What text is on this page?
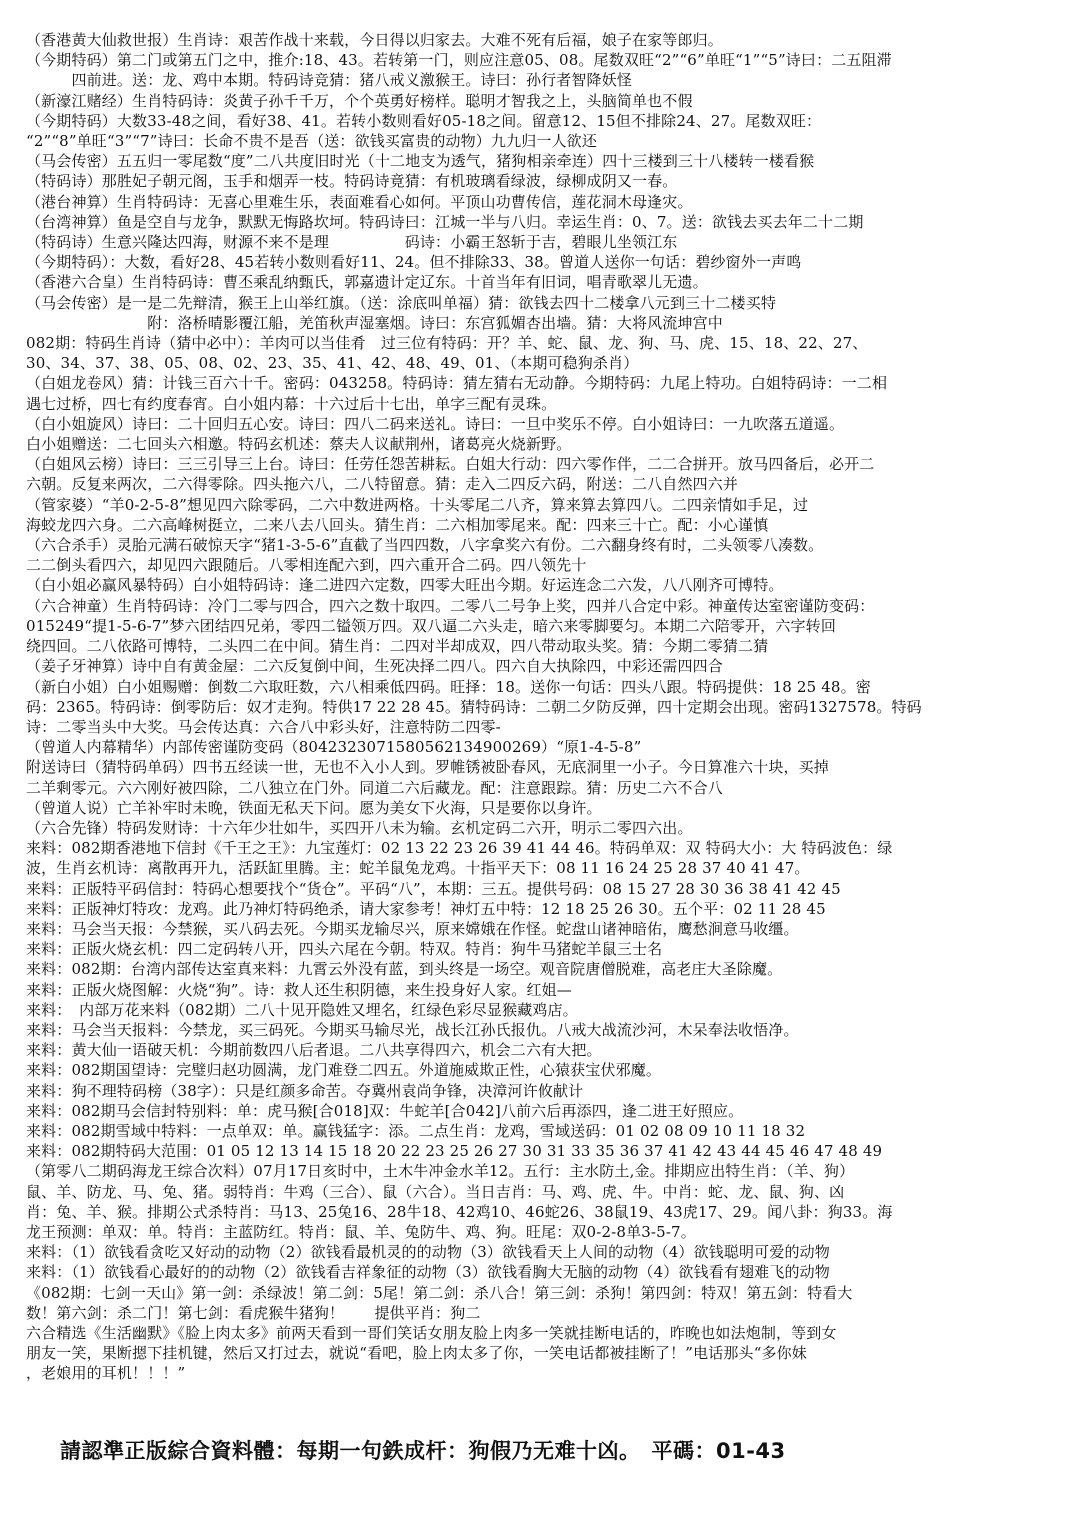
（香港黄大仙救世报）生肖诗：艰苦作战十来载，今日得以归家去。大难不死有后福，娘子在家等郎归。
（今期特码）第二门或第五门之中，推介:18、43。若转第一门，则应注意05、08。尾数双旺“2”“6”单旺“1”“5”诗曰：二五阻滞
　　　四前进。送：龙、鸡中本期。特码诗竞猜：猪八戒义激猴王。诗曰：孙行者智降妖怪
（新濠江赌经）生肖特码诗：炎黄子孙千千万，个个英勇好榜样。聪明才智我之上，头脑简单也不假
（今期特码）大数33-48之间，看好38、41。若转小数则看好05-18之间。留意12、15但不排除24、27。尾数双旺：
“2”“8”单旺“3”“7”诗曰：长命不贵不是吾（送：欲钱买富贵的动物）九九归一人欲还
（马会传密）五五归一零尾数“度”二八共度旧时光（十二地支为透气，猪狗相亲牵连）四十三楼到三十八楼转一楼看猴
（特码诗）那胜妃子朝元阁，玉手和烟弄一枝。特码诗竟猜：有机玻璃看绿波，绿柳成阴又一春。
（港台神算）生肖特码诗：无喜心里难生乐，表面难看心如何。平顶山功曹传信，莲花洞木母逢灾。
（台湾神算）鱼是空自与龙争，默默无悔路坎坷。特码诗曰：江城一半与八归。幸运生肖：0、7。送：欲钱去买去年二十二期
（特码诗）生意兴隆达四海，财源不来不是理　　　　　码诗：小霸王怒斩于吉，碧眼儿坐领江东
（今期特码）：大数，看好28、45若转小数则看好11、24。但不排除33、38。曾道人送你一句话：碧纱窗外一声鸣
（香港六合皇）生肖特码诗：曹丕乘乱纳甄氏，郭嘉遗计定辽东。十首当年有旧词，唱青歌翠儿无遗。
（马会传密）是一是二先辩清，猴王上山举红旗。（送：涂底叫单福）猜：欲钱去四十二楼拿八元到三十二楼买特
　　　　　　　　附：洛桥晴影覆江船，羌笛秋声湿塞烟。诗曰：东宫狐媚杏出墙。猜：大将风流坤宫中
082期：特码生肖诗（猜中必中）：羊肉可以当佳肴　过三位有特码：开？羊、蛇、鼠、龙、狗、马、虎、15、18、22、27、
30、34、37、38、05、08、02、23、35、41、42、48、49、01、（本期可稳狗杀肖）
（白姐龙卷风）猜：计钱三百六十千。密码：043258。特码诗：猜左猜右无动静。今期特码：九尾上特功。白姐特码诗：一二相
遇七过桥，四七有约度春宵。白小姐内幕：十六过后十七出，单字三配有灵珠。
（白小姐旋风）诗曰：二十回归五心安。诗曰：四八二码来送礼。诗曰：一旦中奖乐不停。白小姐诗曰：一九吹落五道遥。
白小姐赠送：二七回头六相邀。特码玄机述：蔡夫人议献荆州，诸葛亮火烧新野。
（白姐风云榜）诗曰：三三引导三上台。诗曰：任劳任怨苦耕耘。白姐大行动：四六零作伴，二二合拼开。放马四备后，必开二
六朝。反复来两次，二六得零除。四头拖六八，二八特留意。猜：走入二四反六码，附送：二八自然四六并
（管家婆）“羊0-2-5-8”想见四六除零码，二六中数进两格。十头零尾二八齐，算来算去算四八。二四亲情如手足，过
海蛟龙四六身。二六高峰树挺立，二来八去八回头。猜生肖：二六相加零尾来。配：四来三十亡。配：小心谨慎
（六合杀手）灵胎元满石破惊天字“猪1-3-5-6”直截了当四四数，八字拿奖六有份。二六翻身终有时，二头领零八凑数。
二二倒头看四六，却见四六跟随后。八零相连配六到，四六重开合二码。四八领先十
（白小姐必赢风暴特码）白小姐特码诗：逢二进四六定数，四零大旺出今期。好运连念二六发，八八刚齐可博特。
（六合神童）生肖特码诗：冷门二零与四合，四六之数十取四。二零八二号争上奖，四并八合定中彩。神童传达室密谨防变码：
015249“提1-5-6-7”梦六团结四兄弟，零四二镒领万四。双八逼二六头走，暗六来零脚要匀。本期二六陪零开，六字转回
绕四回。二八依路可博特，二头四二在中间。猜生肖：二四对半却成双，四八带动取头奖。猜：今期二零猜二猜
（姜子牙神算）诗中自有黄金屋：二六反复倒中间，生死决择二四八。四六自大执除四，中彩还需四四合
（新白小姐）白小姐赐赠：倒数二六取旺数，六八相乘低四码。旺择：18。送你一句话：四头八跟。特码提供：18 25 48。密
码：2365。特码诗：倒零防后：奴才走狗。特供17 22 28 45。猜特码诗：二朝二夕防反弹，四十定期会出现。密码1327578。特码
诗：二零当头中大奖。马会传达真：六合八中彩头好，注意特防二四零-
（曾道人内幕精华）内部传密谨防变码（80423230715805621349002​69）“原1-4-5-8”
附送诗曰（猜特码单码）四书五经读一世，无也不入小人到。罗帷锈被卧春风，无底洞里一小子。今日算准六十块，买掉
二羊剩零元。六六刚好被四除，二八独立在门外。同道二六后藏龙。配：注意跟踪。猜：历史二六不合八
（曾道人说）亡羊补牢时未晚，铁面无私天下问。愿为美女下火海，只是要你以身许。
（六合先锋）特码发财诗：十六年少壮如牛，买四开八未为输。玄机定码二六开，明示二零四六出。
来料：082期香港地下信封《千王之王》：九宝莲灯：02 13 22 23 26 39 41 44 46。特码单双：双 特码大小：大 特码波色：绿
波，生肖玄机诗：离散再开九，活跃缸里腾。主：蛇羊鼠兔龙鸡。十指平天下：08 11 16 24 25 28 37 40 41 47。
来料：正版特平码信封：特码心想要找个“货仓”。平码“八”，本期：三五。提供号码：08 15 27 28 30 36 38 41 42 45
来料：正版神灯特攻：龙鸡。此乃神灯特码绝杀，请大家参考！神灯五中特：12 18 25 26 30。五个平：02 11 28 45
来料：马会当天报：今禁猴，买八码去死。今期买龙输尽兴，原来嫦娥在作怪。蛇盘山诸神暗佑，鹰愁涧意马收缰。
来料：正版火烧玄机：四二定码转八开，四头六尾在今朝。特双。特肖：狗牛马猪蛇羊鼠三士名
来料：082期：台湾内部传达室真来料：九霄云外没有蓝，到头终是一场空。观音院唐僧脱难，高老庄大圣除魔。
来料：正版火烧图解：火烧“狗”。诗：救人还生积阴德，来生投身好人家。红姐—
来料：　内部万花来料（082期）二八十见开隐姓又埋名，红绿色彩尽显猴藏鸡店。
来料：马会当天报料：今禁龙，买三码死。今期买马输尽光，战长江孙氏报仇。八戒大战流沙河，木呆奉法收悟净。
来料：黄大仙一语破天机：今期前数四八后者退。二八共享得四六，机会二六有大把。
来料：082期国望诗：完璧归赵功圆满，龙门难登二四五。外道施威欺正性，心猿获宝伏邪魔。
来料：狗不理特码榜（38字）：只是红颜多命苦。夺冀州袁尚争锋，决漳河许攸献计
来料：082期马会信封特别料：单：虎马猴[合018]双：牛蛇羊[合042]八前六后再添四，逢二进王好照应。
来料：082期雪域中特料：一点单双：单。赢钱猛字：添。二点生肖：龙鸡，雪域送码：01 02 08 09 10 11 18 32
来料：082期特码大范围：01 05 12 13 14 15 18 20 22 23 25 26 27 30 31 33 35 36 37 41 42 43 44 45 46 47 48 49
（第零八二期码海龙王综合次料）07月17日亥时中，土木牛冲金水羊12。五行：主水防土,金。排期应出特生肖：（羊、狗）
鼠、羊、防龙、马、兔、猪。弱特肖：牛鸡（三合）、鼠（六合）。当日吉肖：马、鸡、虎、牛。中肖：蛇、龙、鼠、狗、凶
肖：兔、羊、猴。排期公式杀特肖：马13、25兔16、28牛18、42鸡10、46蛇26、38鼠19、43虎17、29。闻八卦：狗33。海
龙王预测：单双：单。特肖：主蓝防红。特肖：鼠、羊、兔防牛、鸡、狗。旺尾：双0-2-8单3-5-7。
来料：（1）欲钱看贪吃又好动的动物（2）欲钱看最机灵的的动物（3）欲钱看天上人间的动物（4）欲钱聪明可爱的动物
来料：（1）欲钱看心最好的的动物（2）欲钱看吉祥象征的动物（3）欲钱看胸大无脑的动物（4）欲钱看有翅难飞的动物
《082期：七剑一天山》第一剑：杀绿波！第二剑：5尾！第二剑：杀八合！第三剑：杀狗！第四剑：特双！第五剑：特看大
数！第六剑：杀二门！第七剑：看虎猴牛猪狗！　　提供平肖：狗二
六合精选《生活幽默》《脸上肉太多》前两天看到一哥们笑话女朋友脸上肉多一笑就挂断电话的，昨晚也如法炮制，等到女
朋友一笑，果断摁下挂机键，然后又打过去，就说“看吧，脸上肉太多了你，一笑电话都被挂断了！”电话那头“多你妹
，老娘用的耳机！！！”
請認準正版綜合資料體：每期一句鉄成杆：狗假乃无难十凶。　平碼：01-43
